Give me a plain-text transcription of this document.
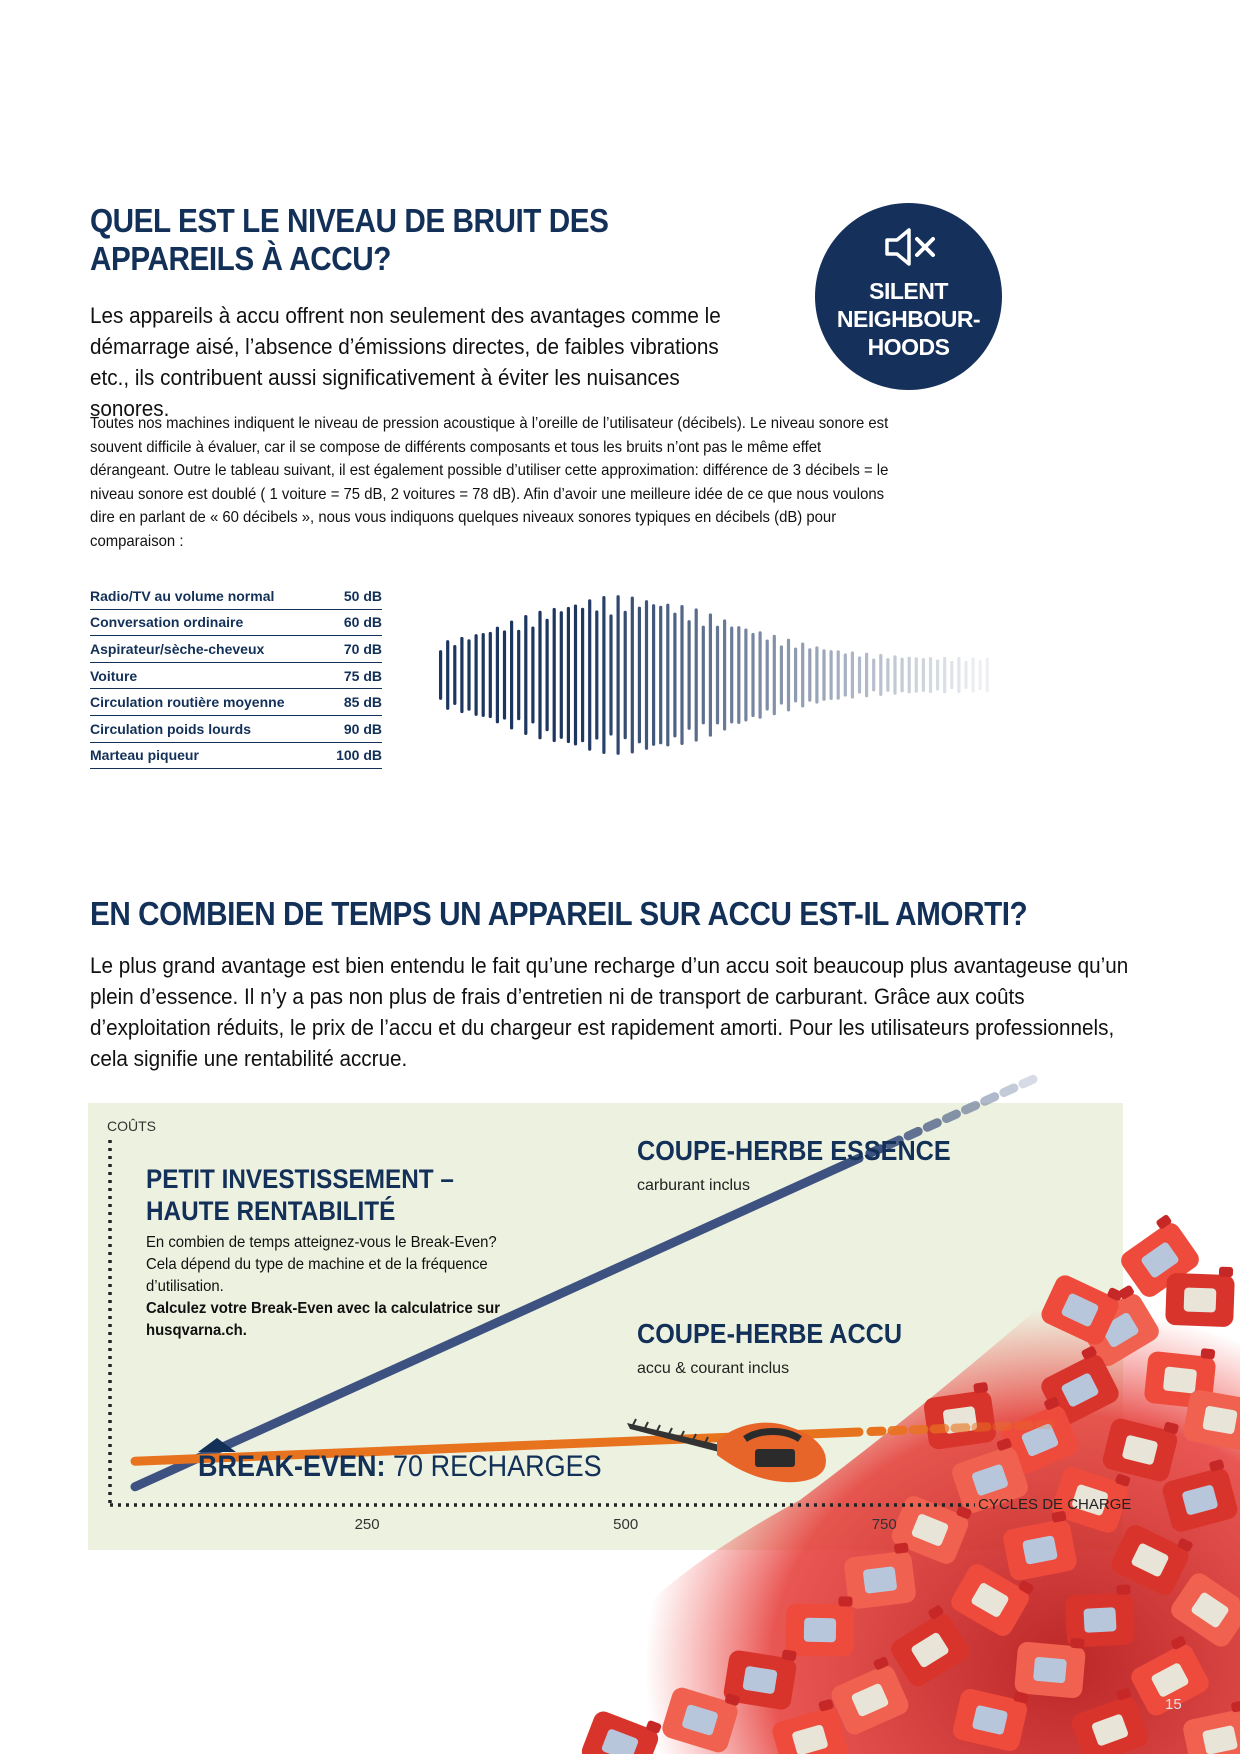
QUEL EST LE NIVEAU DE BRUIT DES APPAREILS À ACCU?

Les appareils à accu offrent non seulement des avantages comme le démarrage aisé, l’absence d’émissions directes, de faibles vibrations etc., ils contribuent aussi significativement à éviter les nuisances sonores.

Toutes nos machines indiquent le niveau de pression acoustique à l’oreille de l’utilisateur (décibels). Le niveau sonore est souvent difficile à évaluer, car il se compose de différents composants et tous les bruits n’ont pas le même effet dérangeant. Outre le tableau suivant, il est également possible d’utiliser cette approximation: différence de 3 décibels = le niveau sonore est doublé ( 1 voiture = 75 dB, 2 voitures = 78 dB). Afin d’avoir une meilleure idée de ce que nous voulons dire en parlant de « 60 décibels », nous vous indiquons quelques niveaux sonores typiques en décibels (dB) pour comparaison :

SILENT
NEIGHBOUR-
HOODS
Radio/TV au volume normal	50 dB
Conversation ordinaire	60 dB
Aspirateur/sèche-cheveux	70 dB
Voiture	75 dB
Circulation routière moyenne	85 dB
Circulation poids lourds	90 dB
Marteau piqueur	100 dB
EN COMBIEN DE TEMPS UN APPAREIL SUR ACCU EST-IL AMORTI?

Le plus grand avantage est bien entendu le fait qu’une recharge d’un accu soit beaucoup plus avantageuse qu’un plein d’essence. Il n’y a pas non plus de frais d’entretien ni de transport de carburant. Grâce aux coûts d’exploitation réduits, le prix de l’accu et du chargeur est rapidement amorti. Pour les utilisateurs professionnels, cela signifie une rentabilité accrue.

COÛTS

PETIT INVESTISSEMENT – HAUTE RENTABILITÉ

En combien de temps atteignez-vous le Break-Even? Cela dépend du type de machine et de la fréquence d’utilisation.
Calculez votre Break-Even avec la calculatrice sur husqvarna.ch.

COUPE-HERBE ESSENCE

carburant inclus

COUPE-HERBE ACCU

accu & courant inclus

BREAK-EVEN: 70 RECHARGES

CYCLES DE CHARGE

250	500	750
15
